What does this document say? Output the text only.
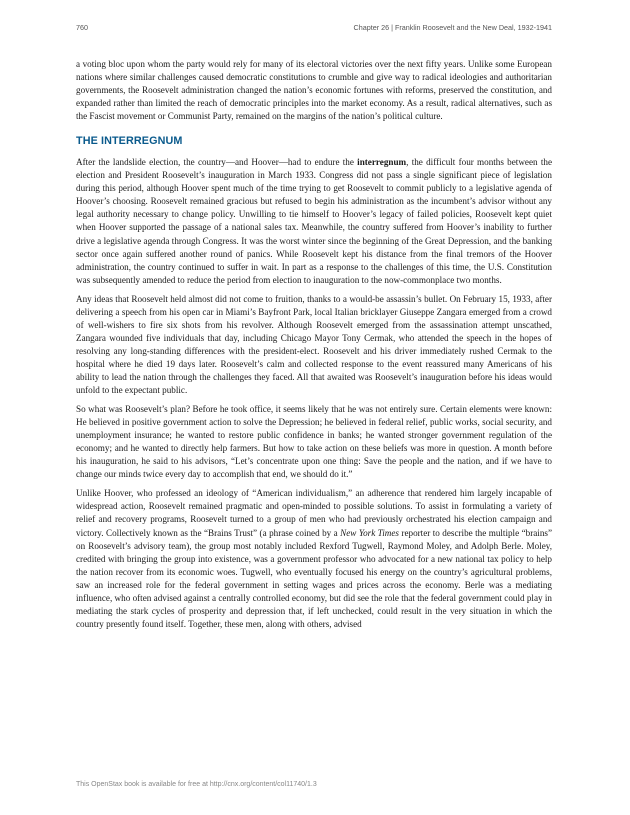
760	Chapter 26 | Franklin Roosevelt and the New Deal, 1932-1941

a voting bloc upon whom the party would rely for many of its electoral victories over the next fifty years. Unlike some European nations where similar challenges caused democratic constitutions to crumble and give way to radical ideologies and authoritarian governments, the Roosevelt administration changed the nation’s economic fortunes with reforms, preserved the constitution, and expanded rather than limited the reach of democratic principles into the market economy. As a result, radical alternatives, such as the Fascist movement or Communist Party, remained on the margins of the nation’s political culture.

THE INTERREGNUM

After the landslide election, the country—and Hoover—had to endure the interregnum, the difficult four months between the election and President Roosevelt’s inauguration in March 1933. Congress did not pass a single significant piece of legislation during this period, although Hoover spent much of the time trying to get Roosevelt to commit publicly to a legislative agenda of Hoover’s choosing. Roosevelt remained gracious but refused to begin his administration as the incumbent’s advisor without any legal authority necessary to change policy. Unwilling to tie himself to Hoover’s legacy of failed policies, Roosevelt kept quiet when Hoover supported the passage of a national sales tax. Meanwhile, the country suffered from Hoover’s inability to further drive a legislative agenda through Congress. It was the worst winter since the beginning of the Great Depression, and the banking sector once again suffered another round of panics. While Roosevelt kept his distance from the final tremors of the Hoover administration, the country continued to suffer in wait. In part as a response to the challenges of this time, the U.S. Constitution was subsequently amended to reduce the period from election to inauguration to the now-commonplace two months.

Any ideas that Roosevelt held almost did not come to fruition, thanks to a would-be assassin’s bullet. On February 15, 1933, after delivering a speech from his open car in Miami’s Bayfront Park, local Italian bricklayer Giuseppe Zangara emerged from a crowd of well-wishers to fire six shots from his revolver. Although Roosevelt emerged from the assassination attempt unscathed, Zangara wounded five individuals that day, including Chicago Mayor Tony Cermak, who attended the speech in the hopes of resolving any long-standing differences with the president-elect. Roosevelt and his driver immediately rushed Cermak to the hospital where he died 19 days later. Roosevelt’s calm and collected response to the event reassured many Americans of his ability to lead the nation through the challenges they faced. All that awaited was Roosevelt’s inauguration before his ideas would unfold to the expectant public.

So what was Roosevelt’s plan? Before he took office, it seems likely that he was not entirely sure. Certain elements were known: He believed in positive government action to solve the Depression; he believed in federal relief, public works, social security, and unemployment insurance; he wanted to restore public confidence in banks; he wanted stronger government regulation of the economy; and he wanted to directly help farmers. But how to take action on these beliefs was more in question. A month before his inauguration, he said to his advisors, “Let’s concentrate upon one thing: Save the people and the nation, and if we have to change our minds twice every day to accomplish that end, we should do it.”

Unlike Hoover, who professed an ideology of “American individualism,” an adherence that rendered him largely incapable of widespread action, Roosevelt remained pragmatic and open-minded to possible solutions. To assist in formulating a variety of relief and recovery programs, Roosevelt turned to a group of men who had previously orchestrated his election campaign and victory. Collectively known as the “Brains Trust” (a phrase coined by a New York Times reporter to describe the multiple “brains” on Roosevelt’s advisory team), the group most notably included Rexford Tugwell, Raymond Moley, and Adolph Berle. Moley, credited with bringing the group into existence, was a government professor who advocated for a new national tax policy to help the nation recover from its economic woes. Tugwell, who eventually focused his energy on the country’s agricultural problems, saw an increased role for the federal government in setting wages and prices across the economy. Berle was a mediating influence, who often advised against a centrally controlled economy, but did see the role that the federal government could play in mediating the stark cycles of prosperity and depression that, if left unchecked, could result in the very situation in which the country presently found itself. Together, these men, along with others, advised

This OpenStax book is available for free at http://cnx.org/content/col11740/1.3
